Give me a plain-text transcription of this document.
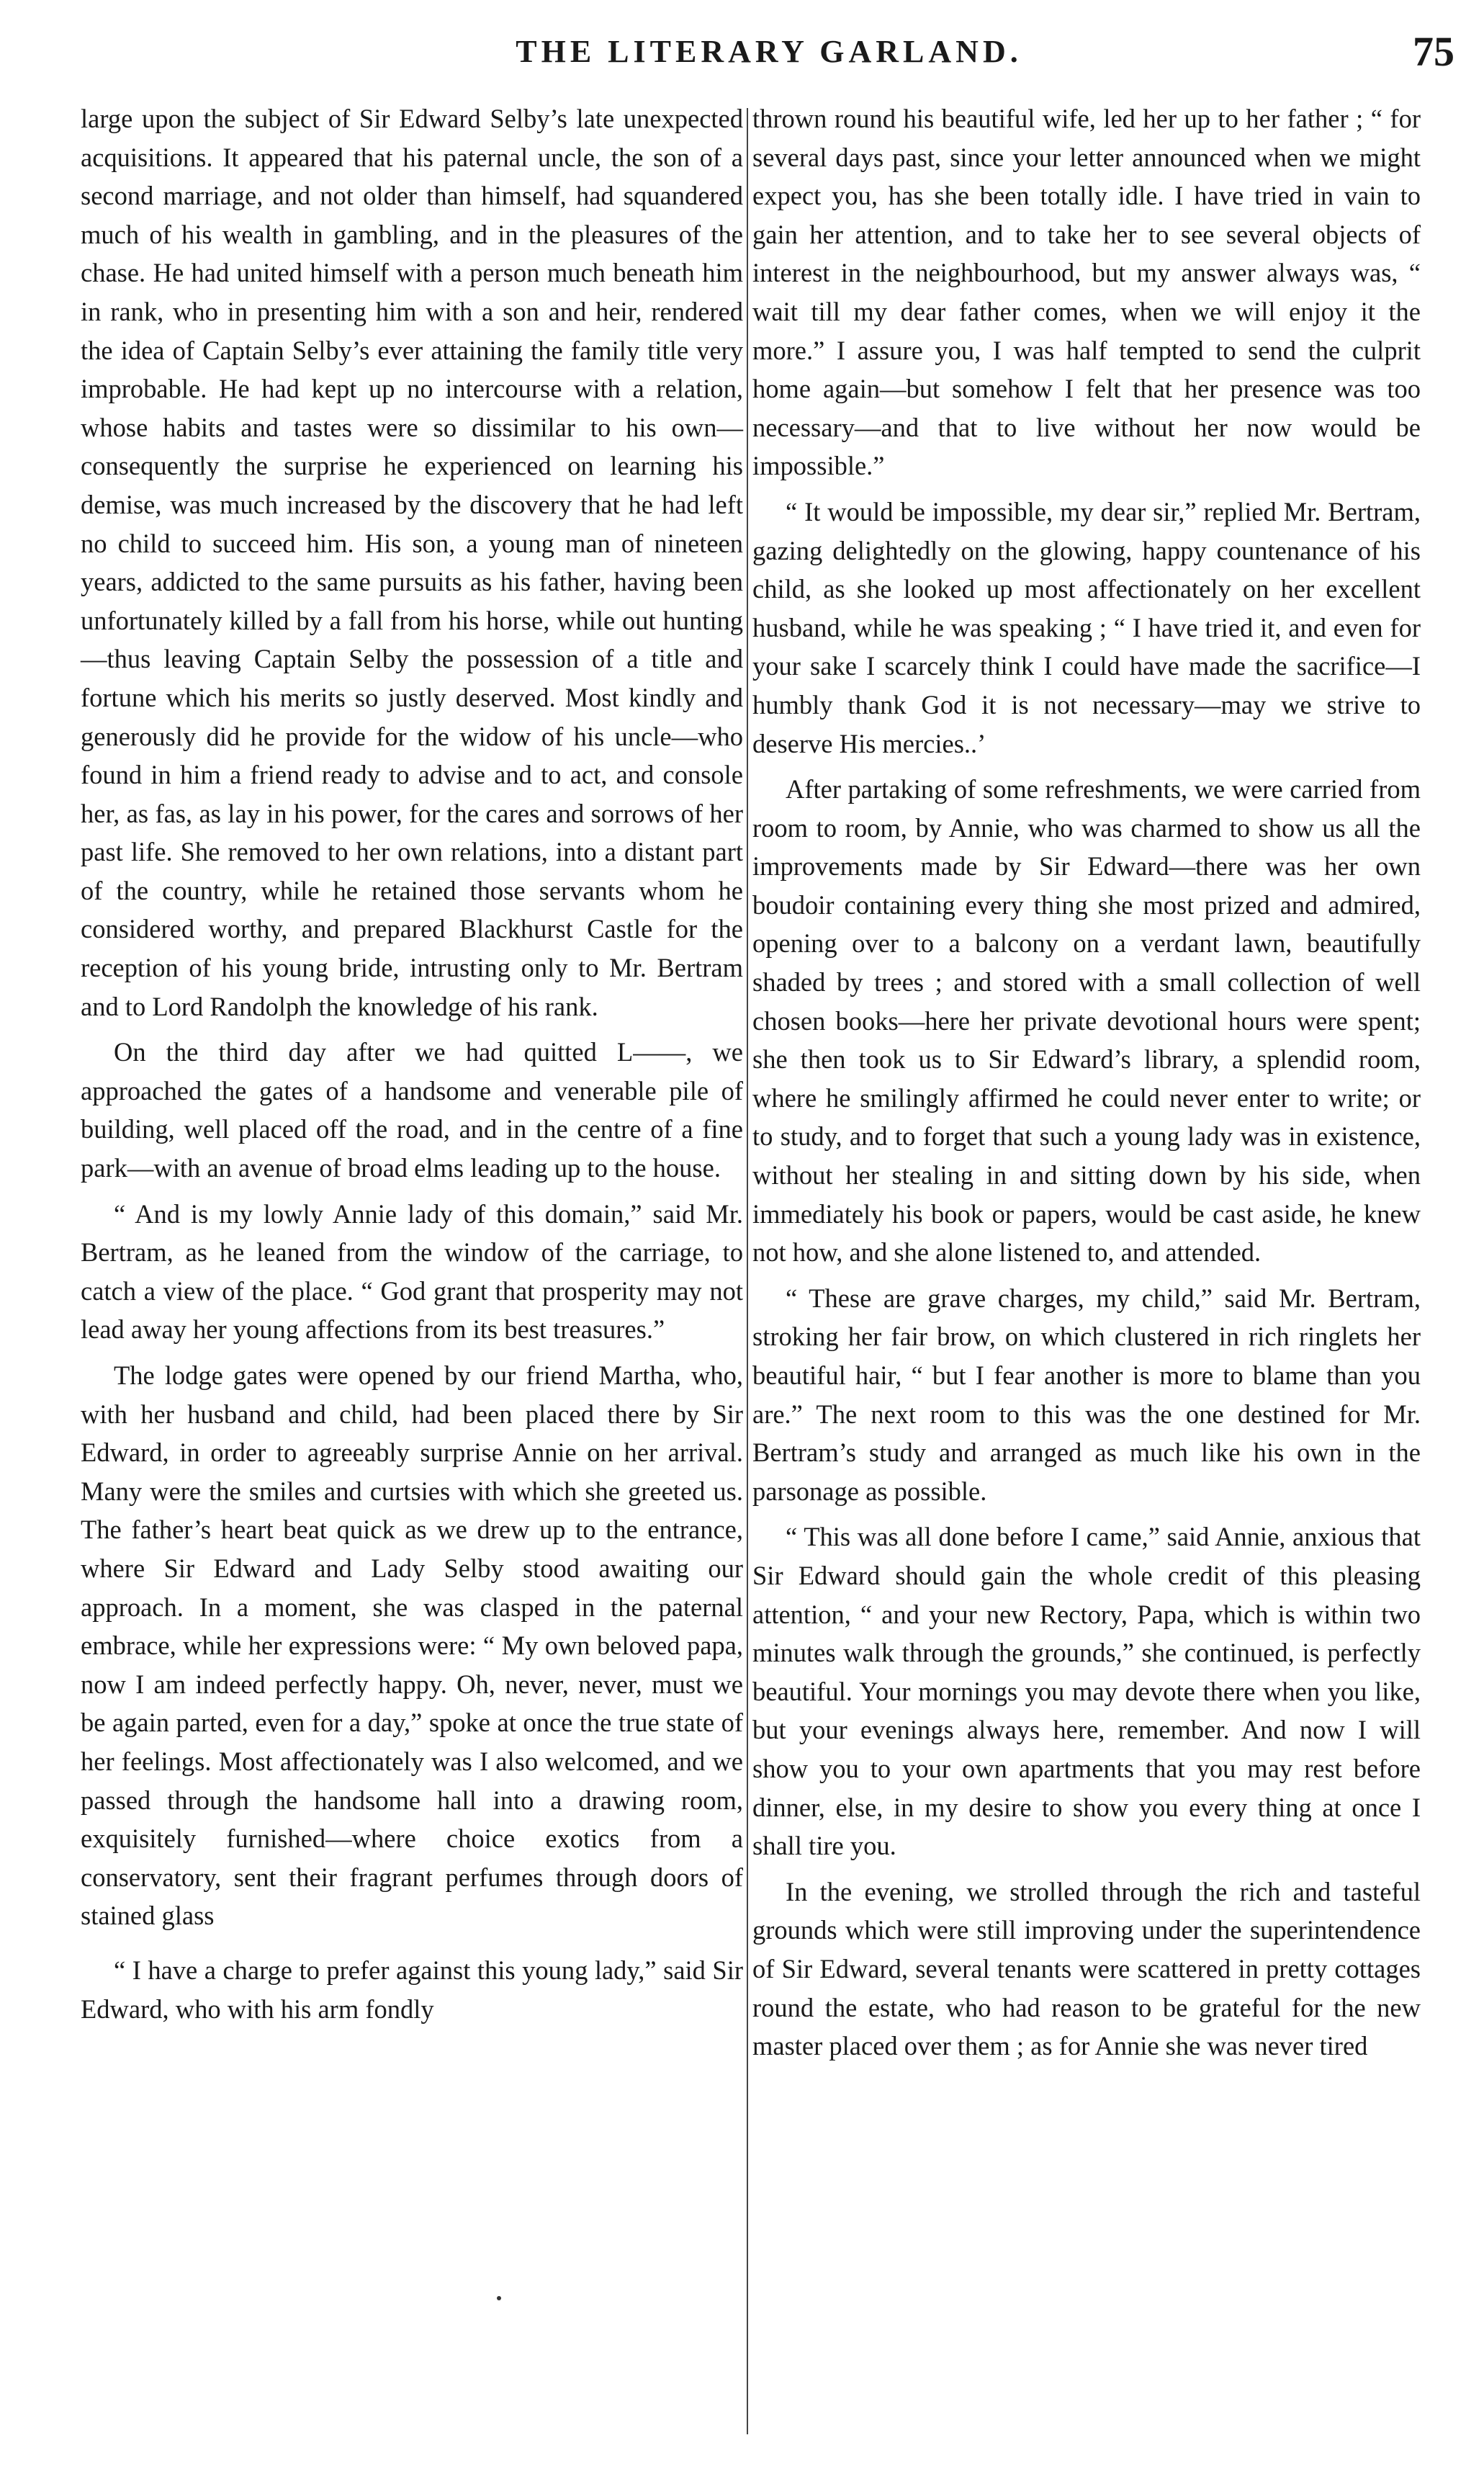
THE LITERARY GARLAND.	75

large upon the subject of Sir Edward Selby’s late unexpected acquisitions. It appeared that his paternal uncle, the son of a second marriage, and not older than himself, had squandered much of his wealth in gambling, and in the pleasures of the chase. He had united himself with a person much beneath him in rank, who in presenting him with a son and heir, rendered the idea of Captain Selby’s ever attaining the family title very improbable. He had kept up no intercourse with a relation, whose habits and tastes were so dissimilar to his own—consequently the surprise he experienced on learning his demise, was much increased by the discovery that he had left no child to succeed him. His son, a young man of nineteen years, addicted to the same pursuits as his father, having been unfortunately killed by a fall from his horse, while out hunting—thus leaving Captain Selby the possession of a title and fortune which his merits so justly deserved. Most kindly and generously did he provide for the widow of his uncle—who found in him a friend ready to advise and to act, and console her, as fas, as lay in his power, for the cares and sorrows of her past life. She removed to her own relations, into a distant part of the country, while he retained those servants whom he considered worthy, and prepared Blackhurst Castle for the reception of his young bride, intrusting only to Mr. Bertram and to Lord Randolph the knowledge of his rank.

On the third day after we had quitted L——, we approached the gates of a handsome and venerable pile of building, well placed off the road, and in the centre of a fine park—with an avenue of broad elms leading up to the house.

“ And is my lowly Annie lady of this domain,” said Mr. Bertram, as he leaned from the window of the carriage, to catch a view of the place. “ God grant that prosperity may not lead away her young affections from its best treasures.”

The lodge gates were opened by our friend Martha, who, with her husband and child, had been placed there by Sir Edward, in order to agreeably surprise Annie on her arrival. Many were the smiles and curtsies with which she greeted us. The father’s heart beat quick as we drew up to the entrance, where Sir Edward and Lady Selby stood awaiting our approach. In a moment, she was clasped in the paternal embrace, while her expressions were: “ My own beloved papa, now I am indeed perfectly happy. Oh, never, never, must we be again parted, even for a day,” spoke at once the true state of her feelings. Most affectionately was I also welcomed, and we passed through the handsome hall into a drawing room, exquisitely furnished—where choice exotics from a conservatory, sent their fragrant perfumes through doors of stained glass

“ I have a charge to prefer against this young lady,” said Sir Edward, who with his arm fondly

thrown round his beautiful wife, led her up to her father ; “ for several days past, since your letter announced when we might expect you, has she been totally idle. I have tried in vain to gain her attention, and to take her to see several objects of interest in the neighbourhood, but my answer always was, “ wait till my dear father comes, when we will enjoy it the more.” I assure you, I was half tempted to send the culprit home again—but somehow I felt that her presence was too necessary—and that to live without her now would be impossible.”

“ It would be impossible, my dear sir,” replied Mr. Bertram, gazing delightedly on the glowing, happy countenance of his child, as she looked up most affectionately on her excellent husband, while he was speaking ; “ I have tried it, and even for your sake I scarcely think I could have made the sacrifice—I humbly thank God it is not necessary—may we strive to deserve His mercies..’

After partaking of some refreshments, we were carried from room to room, by Annie, who was charmed to show us all the improvements made by Sir Edward—there was her own boudoir containing every thing she most prized and admired, opening over to a balcony on a verdant lawn, beautifully shaded by trees ; and stored with a small collection of well chosen books—here her private devotional hours were spent; she then took us to Sir Edward’s library, a splendid room, where he smilingly affirmed he could never enter to write; or to study, and to forget that such a young lady was in existence, without her stealing in and sitting down by his side, when immediately his book or papers, would be cast aside, he knew not how, and she alone listened to, and attended.

“ These are grave charges, my child,” said Mr. Bertram, stroking her fair brow, on which clustered in rich ringlets her beautiful hair, “ but I fear another is more to blame than you are.” The next room to this was the one destined for Mr. Bertram’s study and arranged as much like his own in the parsonage as possible.

“ This was all done before I came,” said Annie, anxious that Sir Edward should gain the whole credit of this pleasing attention, “ and your new Rectory, Papa, which is within two minutes walk through the grounds,” she continued, is perfectly beautiful. Your mornings you may devote there when you like, but your evenings always here, remember. And now I will show you to your own apartments that you may rest before dinner, else, in my desire to show you every thing at once I shall tire you.

In the evening, we strolled through the rich and tasteful grounds which were still improving under the superintendence of Sir Edward, several tenants were scattered in pretty cottages round the estate, who had reason to be grateful for the new master placed over them ; as for Annie she was never tired
